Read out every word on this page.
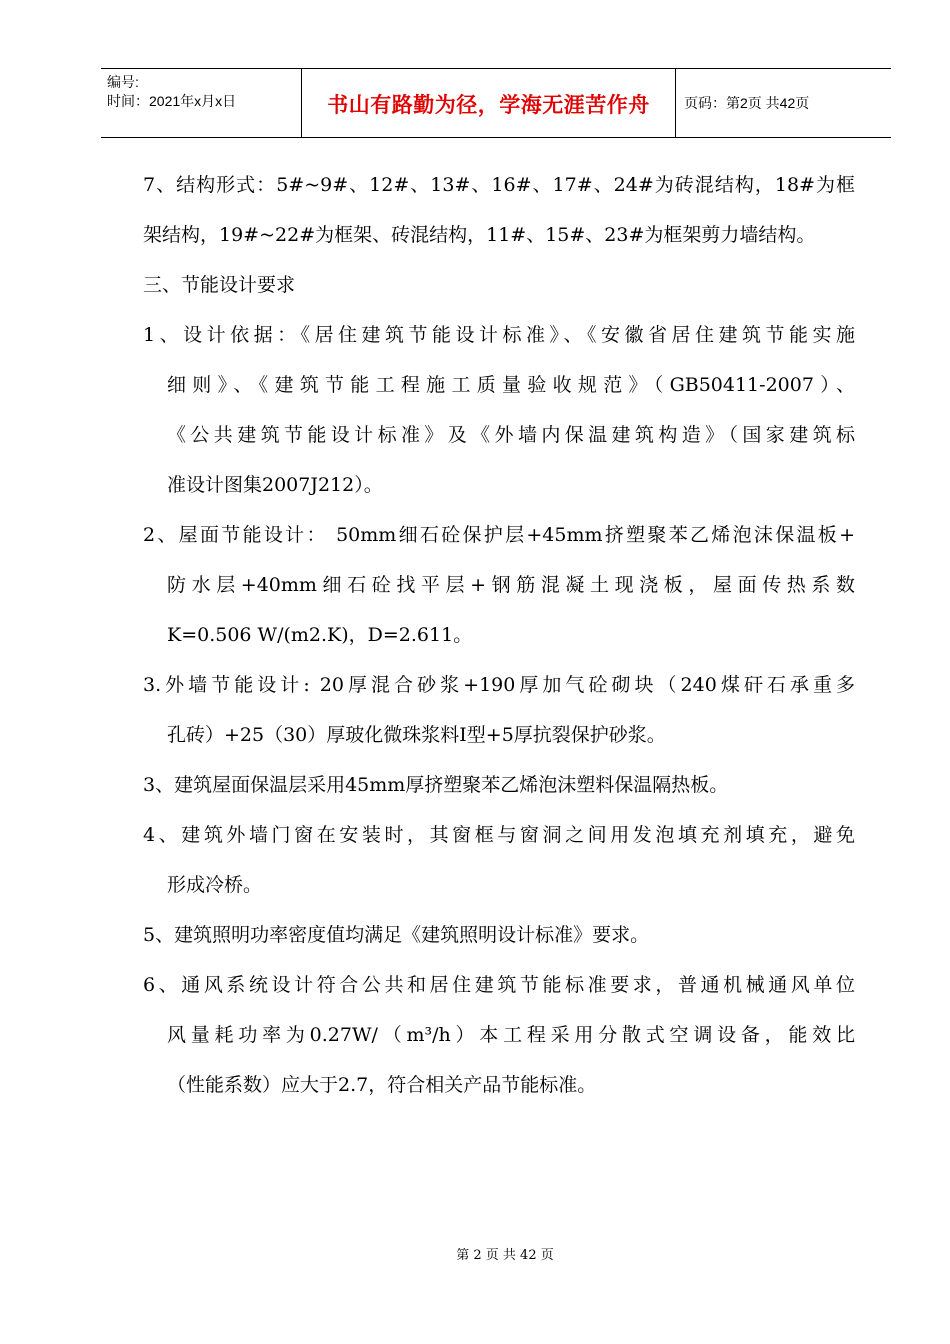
编号:
时间：2021年x月x日	书山有路勤为径，学海无涯苦作舟 页码：第2页 共42页
7、结构形式：5#~9#、12#、13#、16#、17#、24#为砖混结构，18#为框
架结构，19#~22#为框架、砖混结构，11#、15#、23#为框架剪力墙结构。
三、节能设计要求
1、设计依据：《居住建筑节能设计标准》、《安徽省居住建筑节能实施
细则》、《建筑节能工程施工质量验收规范》（GB50411-2007）、
《公共建筑节能设计标准》及《外墙内保温建筑构造》（国家建筑标
准设计图集2007J212）。
2、屋面节能设计： 50mm细石砼保护层+45mm挤塑聚苯乙烯泡沫保温板+
防水层+40mm细石砼找平层+钢筋混凝土现浇板，屋面传热系数
K=0.506 W/(m2.K)，D=2.611。
3.外墙节能设计: 20厚混合砂浆+190厚加气砼砌块（240煤矸石承重多
孔砖）+25（30）厚玻化微珠浆料Ⅰ型+5厚抗裂保护砂浆。
3、建筑屋面保温层采用45mm厚挤塑聚苯乙烯泡沫塑料保温隔热板。
4、建筑外墙门窗在安装时，其窗框与窗洞之间用发泡填充剂填充，避免
形成冷桥。
5、建筑照明功率密度值均满足《建筑照明设计标准》要求。
6、通风系统设计符合公共和居住建筑节能标准要求，普通机械通风单位
风量耗功率为0.27W/（m³/h）本工程采用分散式空调设备，能效比
（性能系数）应大于2.7，符合相关产品节能标准。
第 2 页 共 42 页
